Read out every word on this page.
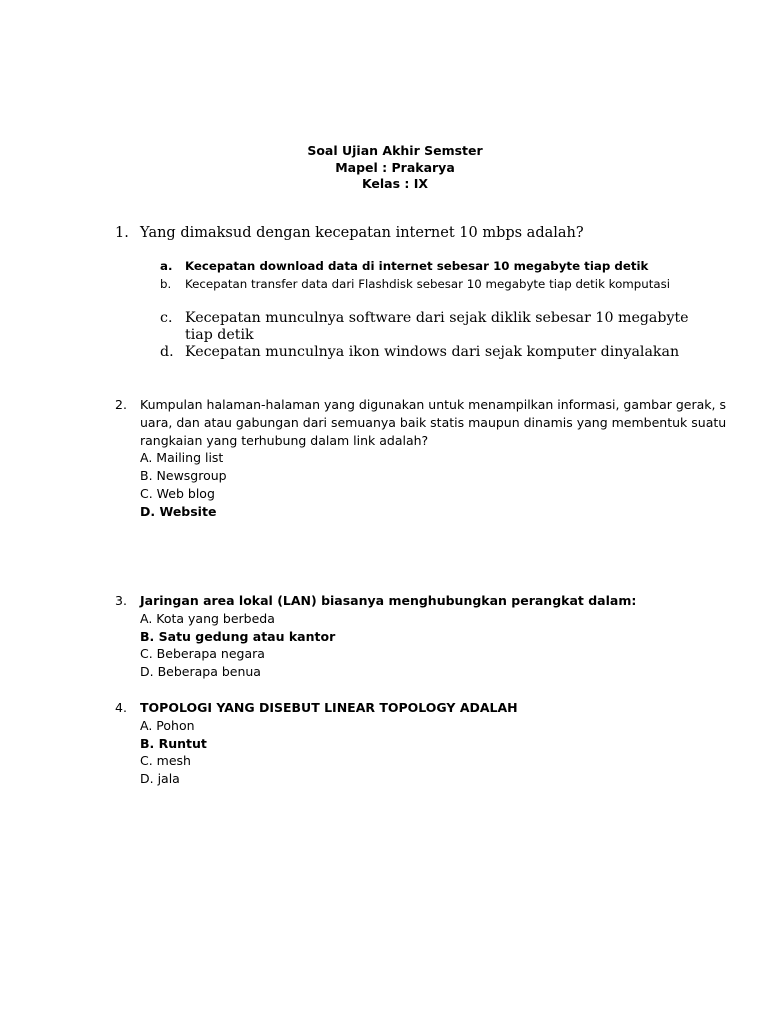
Soal Ujian Akhir Semster
Mapel : Prakarya
Kelas : IX
1. Yang dimaksud dengan kecepatan internet 10 mbps adalah?
a. Kecepatan download data di internet sebesar 10 megabyte tiap detik
b. Kecepatan transfer data dari Flashdisk sebesar 10 megabyte tiap detik komputasi
c. Kecepatan munculnya software dari sejak diklik sebesar 10 megabyte tiap detik
d. Kecepatan munculnya ikon windows dari sejak komputer dinyalakan
2. Kumpulan halaman-halaman yang digunakan untuk menampilkan informasi, gambar gerak, s
uara, dan atau gabungan dari semuanya baik statis maupun dinamis yang membentuk suatu
rangkaian yang terhubung dalam link adalah?
A. Mailing list
B. Newsgroup
C. Web blog
D. Website
3. Jaringan area lokal (LAN) biasanya menghubungkan perangkat dalam:
A. Kota yang berbeda
B. Satu gedung atau kantor
C. Beberapa negara
D. Beberapa benua
4. TOPOLOGI YANG DISEBUT LINEAR TOPOLOGY ADALAH
A. Pohon
B. Runtut
C. mesh
D. jala
